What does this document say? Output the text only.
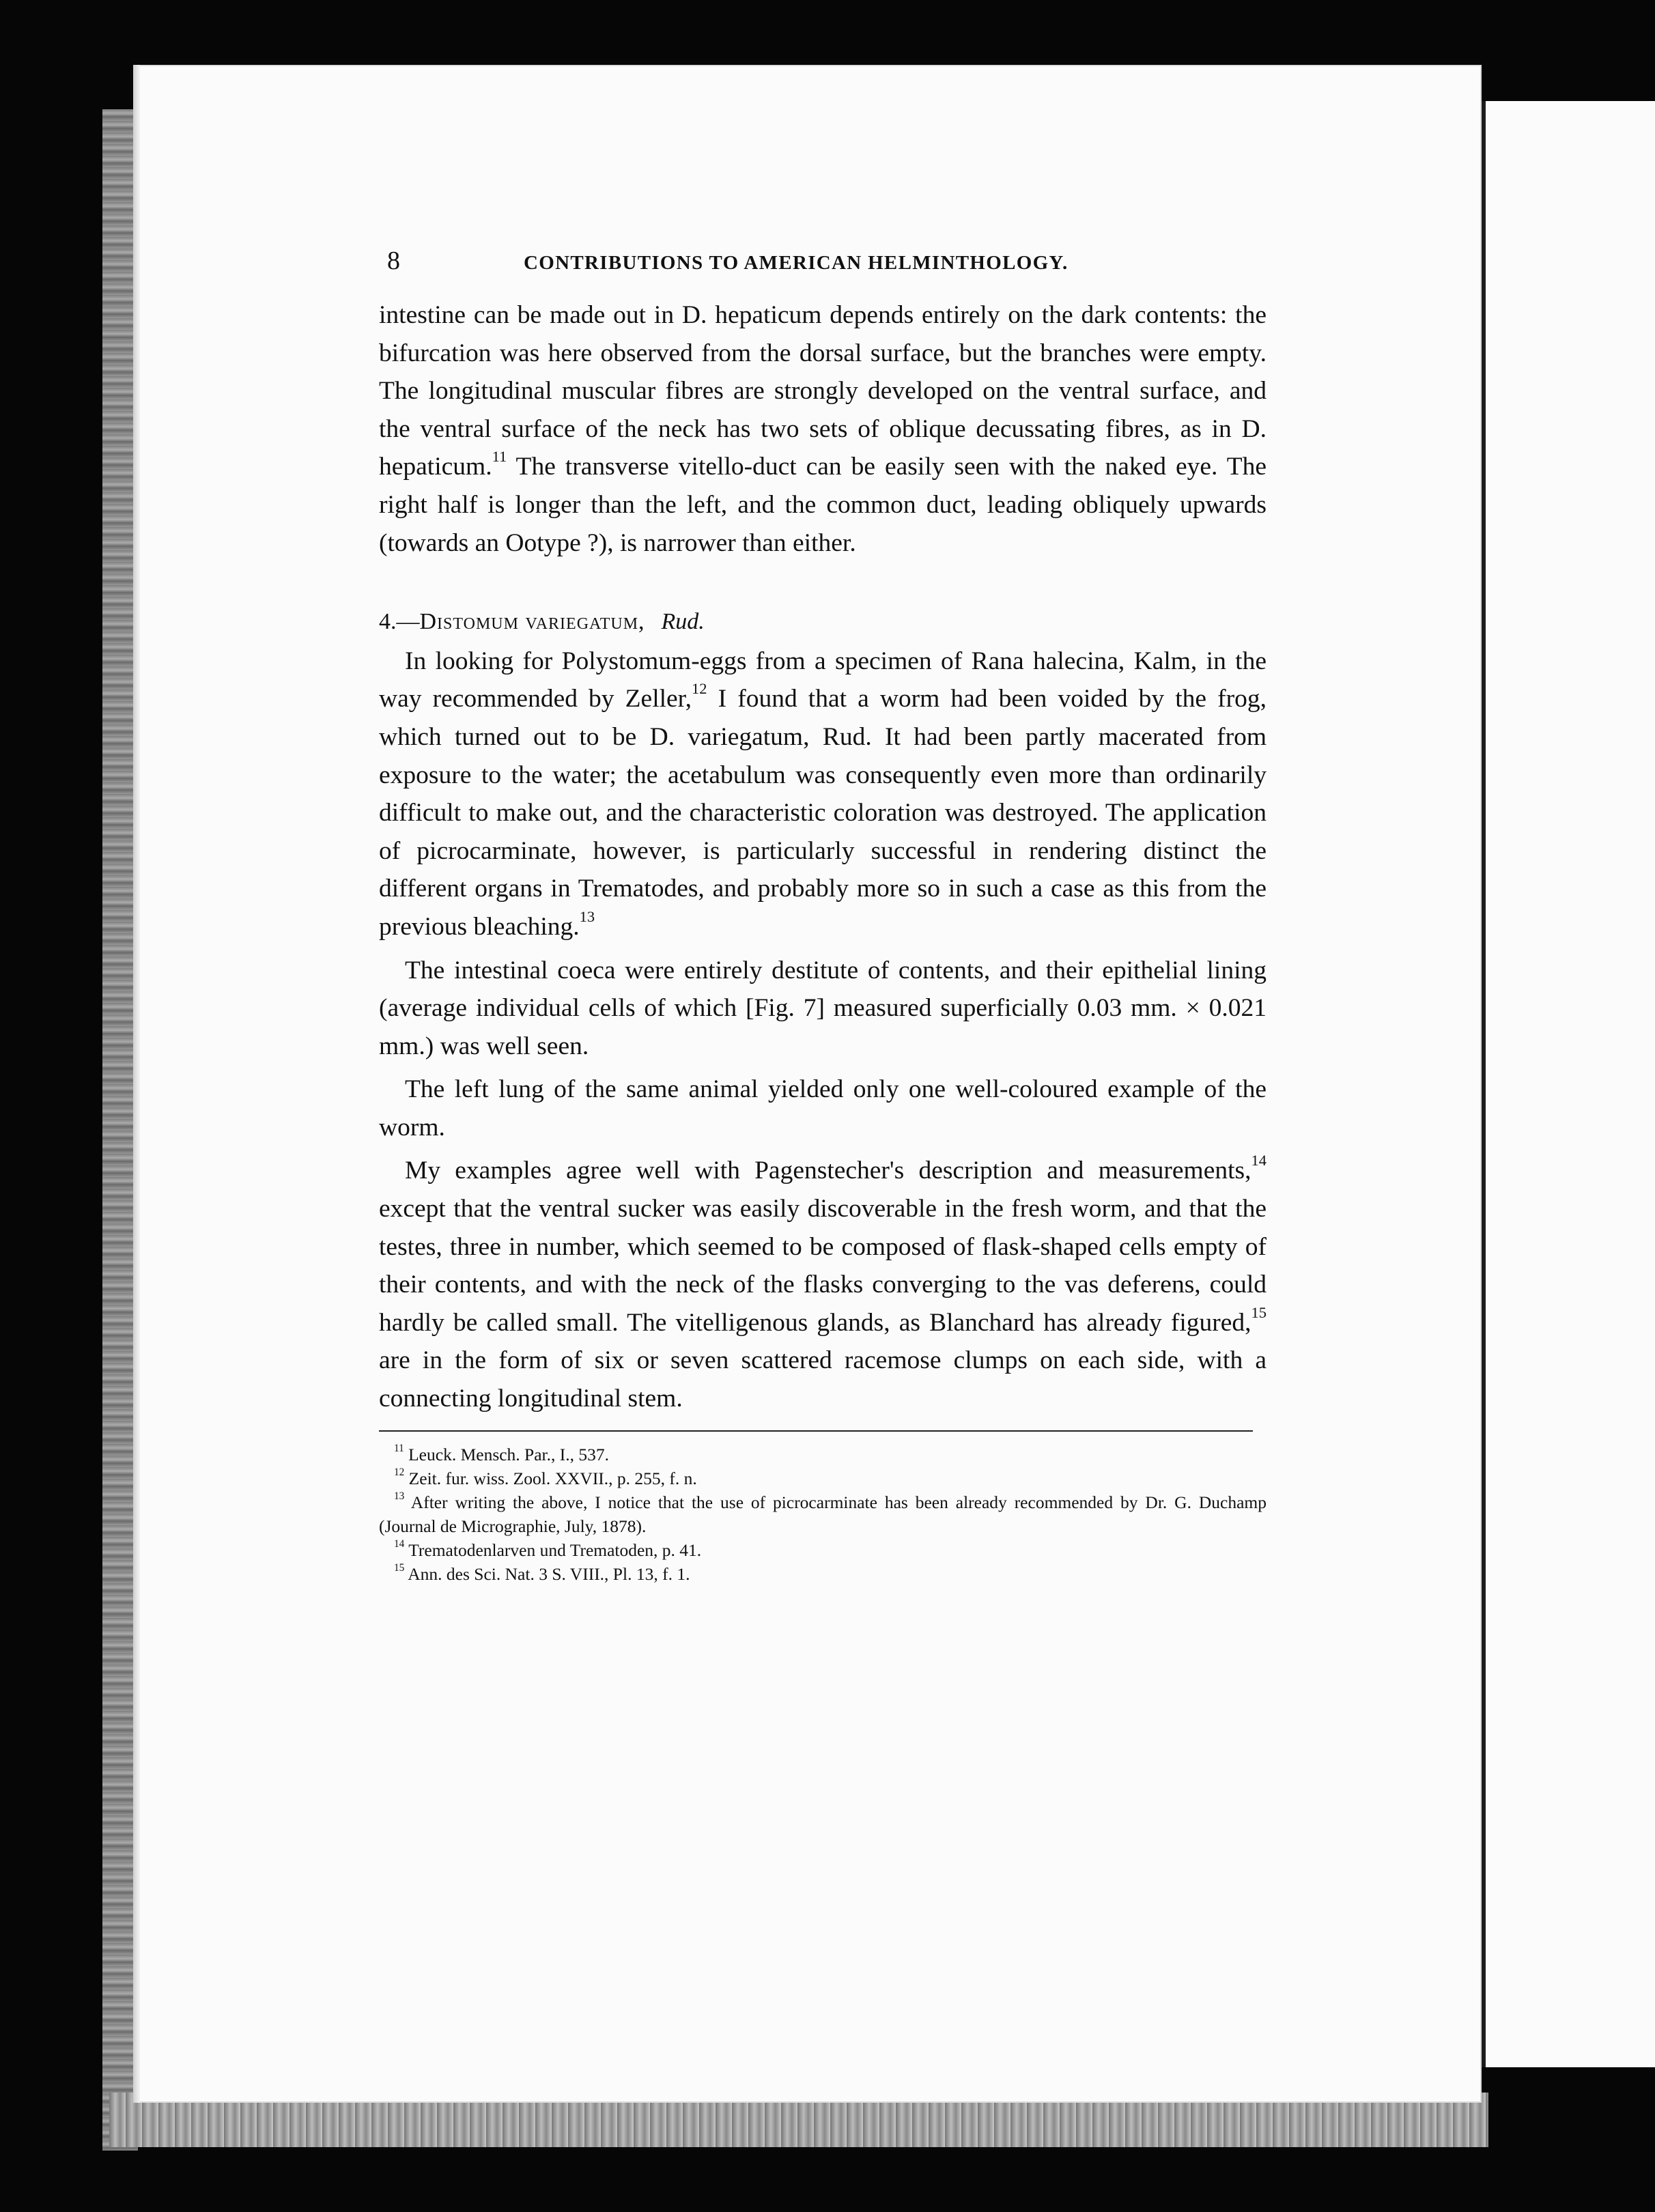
8	CONTRIBUTIONS TO AMERICAN HELMINTHOLOGY.

intestine can be made out in D. hepaticum depends entirely on the dark contents: the bifurcation was here observed from the dorsal surface, but the branches were empty. The longitudinal muscular fibres are strongly developed on the ventral surface, and the ventral surface of the neck has two sets of oblique decussating fibres, as in D. hepaticum.$^{11}$ The transverse vitello-duct can be easily seen with the naked eye. The right half is longer than the left, and the common duct, leading obliquely upwards (towards an Ootype ?), is narrower than either.

4.—Distomum variegatum, Rud.

In looking for Polystomum-eggs from a specimen of Rana halecina, Kalm, in the way recommended by Zeller,$^{12}$ I found that a worm had been voided by the frog, which turned out to be D. variegatum, Rud. It had been partly macerated from exposure to the water; the acetabulum was consequently even more than ordinarily difficult to make out, and the characteristic coloration was destroyed. The application of picrocarminate, however, is particularly successful in rendering distinct the different organs in Trematodes, and probably more so in such a case as this from the previous bleaching.$^{13}$

The intestinal coeca were entirely destitute of contents, and their epithelial lining (average individual cells of which [Fig. 7] measured superficially 0.03 mm. × 0.021 mm.) was well seen.

The left lung of the same animal yielded only one well-coloured example of the worm.

My examples agree well with Pagenstecher's description and measurements,$^{14}$ except that the ventral sucker was easily discoverable in the fresh worm, and that the testes, three in number, which seemed to be composed of flask-shaped cells empty of their contents, and with the neck of the flasks converging to the vas deferens, could hardly be called small. The vitelligenous glands, as Blanchard has already figured,$^{15}$ are in the form of six or seven scattered racemose clumps on each side, with a connecting longitudinal stem.

$^{11}$ Leuck. Mensch. Par., I., 537.

$^{12}$ Zeit. fur. wiss. Zool. XXVII., p. 255, f. n.

$^{13}$ After writing the above, I notice that the use of picrocarminate has been already recommended by Dr. G. Duchamp (Journal de Micrographie, July, 1878).

$^{14}$ Trematodenlarven und Trematoden, p. 41.

$^{15}$ Ann. des Sci. Nat. 3 S. VIII., Pl. 13, f. 1.
